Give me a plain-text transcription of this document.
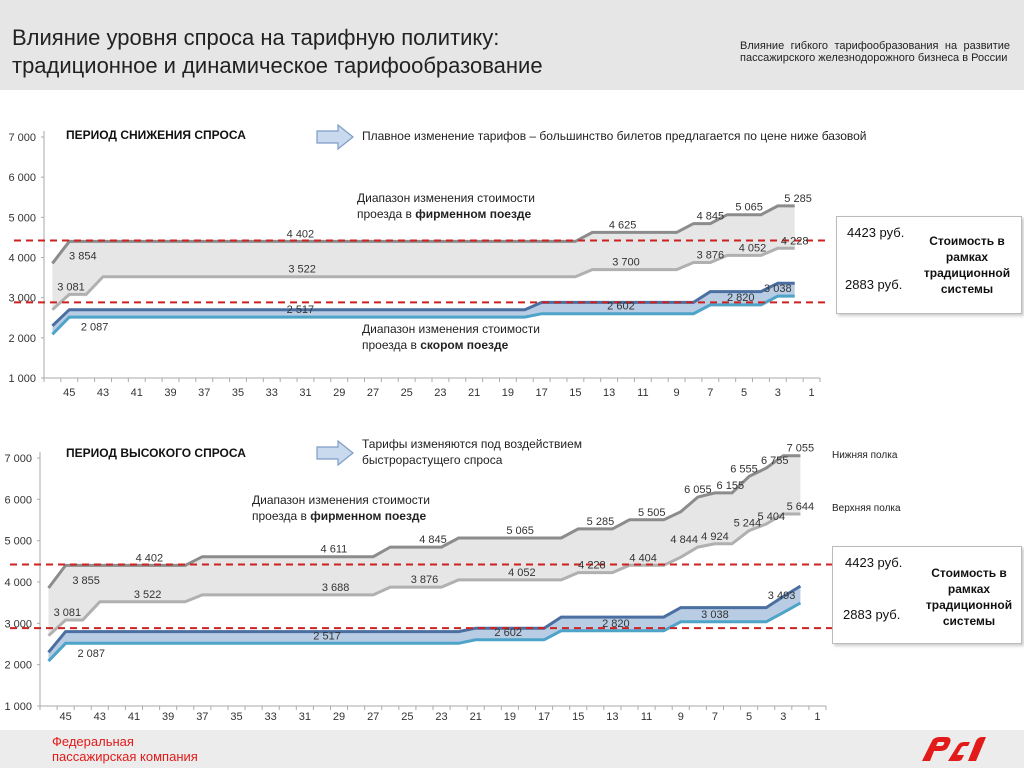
Влияние уровня спроса на тарифную политику:
традиционное и динамическое тарифообразование
Влияние гибкого тарифообразования на развитие пассажирского железнодорожного бизнеса в России
1 000
2 000
3 000
4 000
5 000
6 000
7 000
45 43 41 39 37 35 33 31 29 27 25 23 21 19 17 15 13 11 9	7	5	3	1
3 854
4 402
4 625
4 845
5 065
5 285
3 081
3 522
3 700
3 876
4 052
4 228
2 087
2 517	2 602
2 820
3 038
1 000
2 000
3 000
4 000
5 000
6 000
7 000
45 43 41 39 37 35 33 31 29 27 25 23 21 19 17 15 13 11 9	7	5	3	1
3 855
4 402
4 611
4 845
5 065
5 285
5 505
6 055 6 155
6 555
6 755
7 055
3 081
3 522
3 688
3 876
4 052
4 228
4 404
4 844 4 924
5 244
5 404
5 644
2 087
2 517	2 602
2 820
3 038
3 493
ПЕРИОД СНИЖЕНИЯ СПРОСА	Плавное изменение тарифов – большинство билетов предлагается по цене ниже базовой
Диапазон изменения стоимости
проезда в фирменном поезде
Диапазон изменения стоимости
проезда в скором поезде
4423 руб.
2883 руб.
Стоимость в рамках традиционной системы
ПЕРИОД ВЫСОКОГО СПРОСА
Тарифы изменяются под воздействием
быстрорастущего спроса
Диапазон изменения стоимости
проезда в фирменном поезде
Нижняя полка
Верхняя полка
4423 руб.
2883 руб.
Стоимость в рамках традиционной системы
Федеральная
пассажирская компания
